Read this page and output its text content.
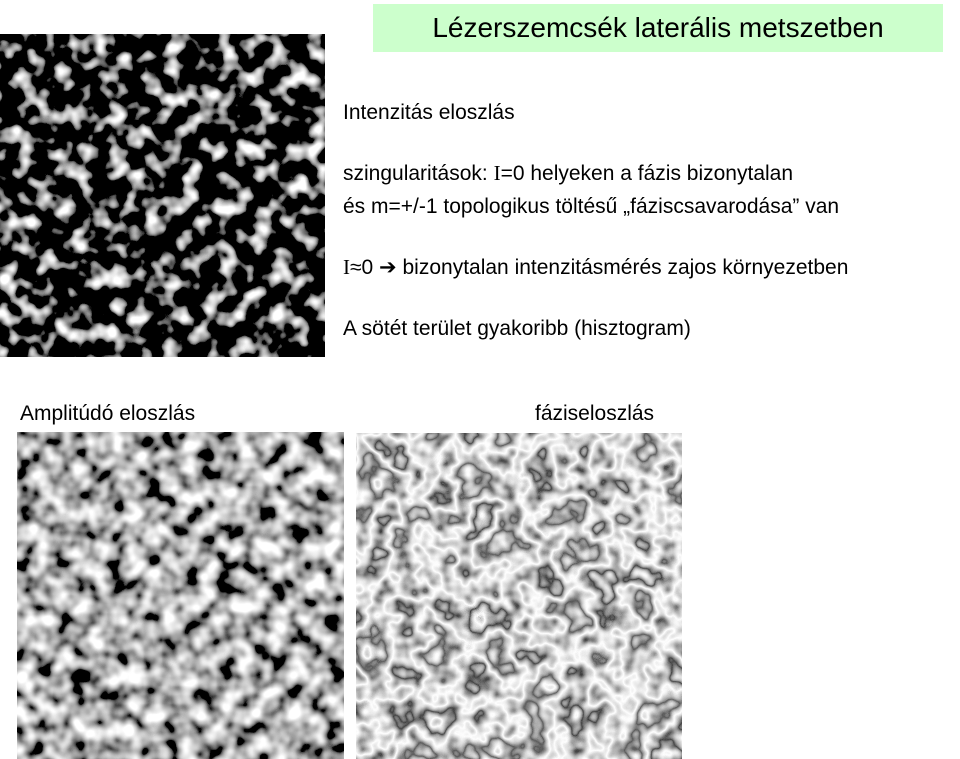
Lézerszemcsék laterális metszetben
Intenzitás eloszlás
szingularitások: I=0 helyeken a fázis bizonytalan
és m=+/-1 topologikus töltésű „fáziscsavarodása” van
I≈0 ➔ bizonytalan intenzitásmérés zajos környezetben
A sötét terület gyakoribb (hisztogram)
Amplitúdó eloszlás	fáziseloszlás
